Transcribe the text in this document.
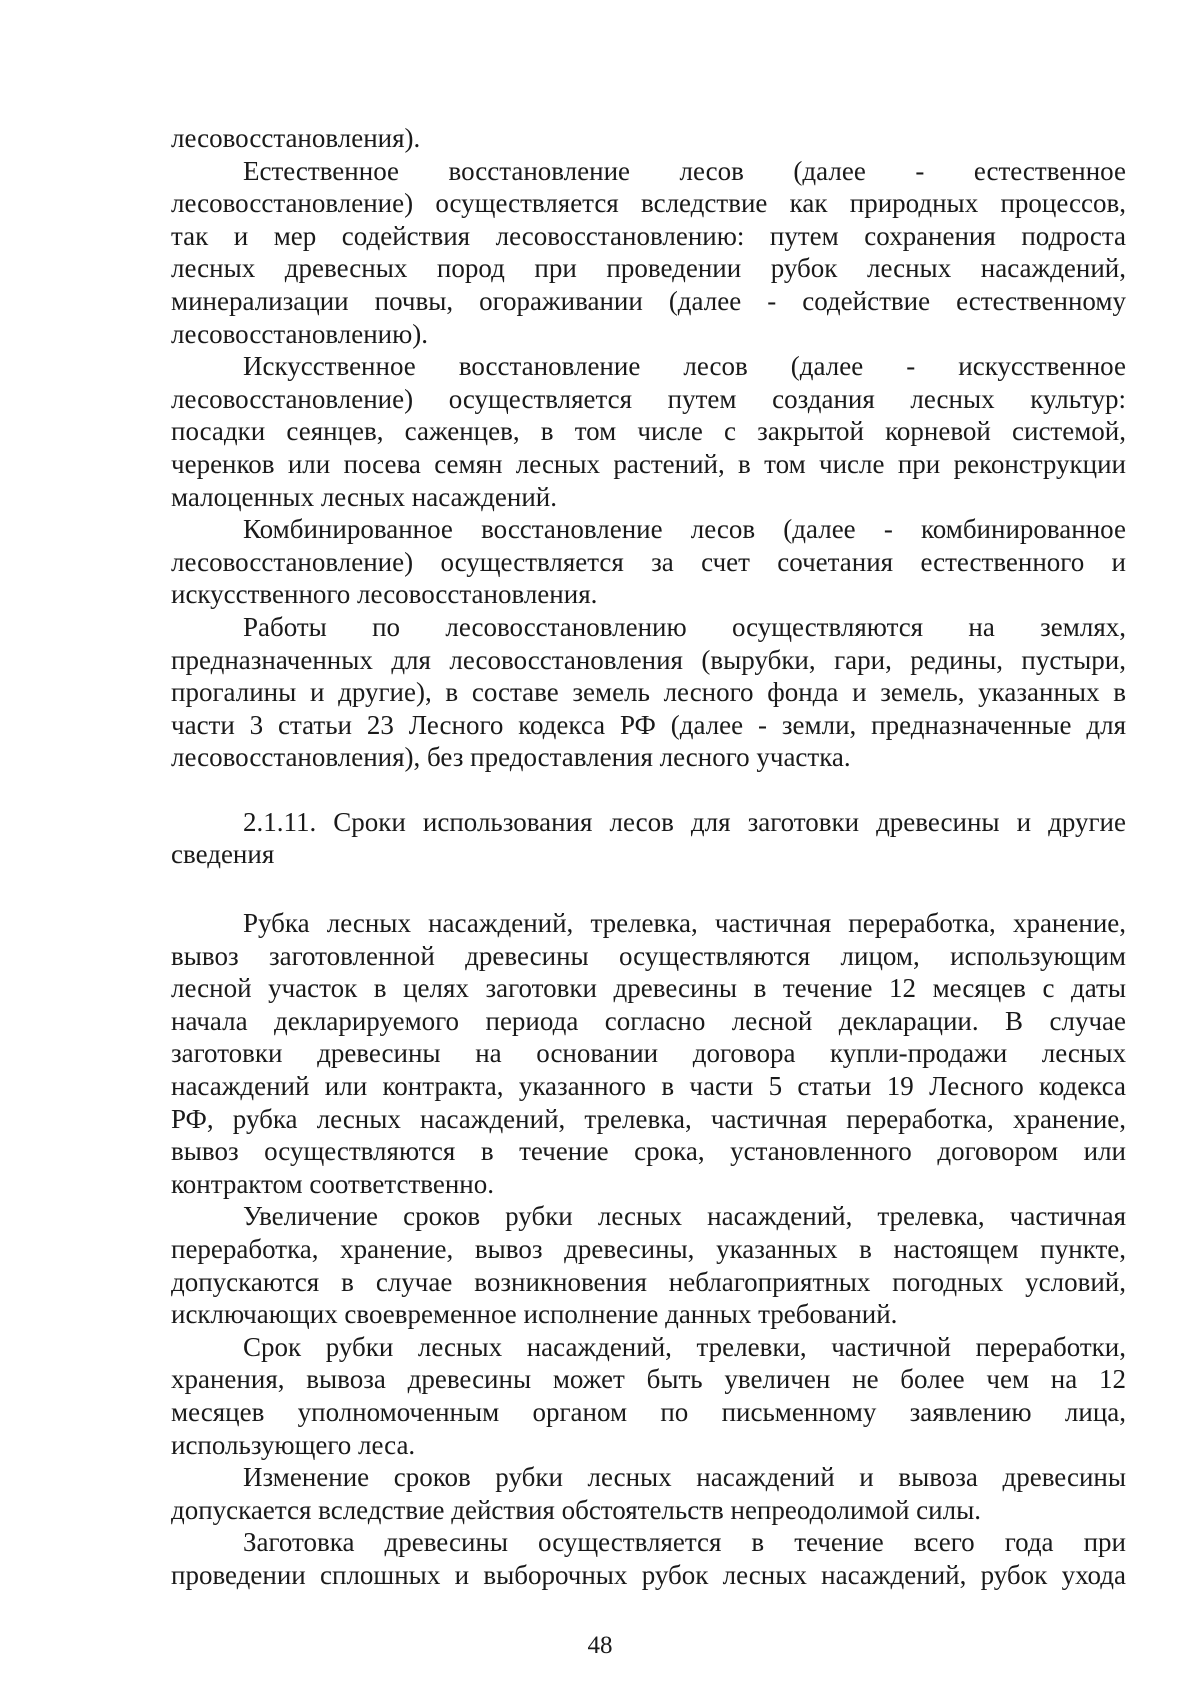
лесовосстановления).
Естественное восстановление лесов (далее - естественное
лесовосстановление) осуществляется вследствие как природных процессов,
так и мер содействия лесовосстановлению: путем сохранения подроста
лесных древесных пород при проведении рубок лесных насаждений,
минерализации почвы, огораживании (далее - содействие естественному
лесовосстановлению).
Искусственное восстановление лесов (далее - искусственное
лесовосстановление) осуществляется путем создания лесных культур:
посадки сеянцев, саженцев, в том числе с закрытой корневой системой,
черенков или посева семян лесных растений, в том числе при реконструкции
малоценных лесных насаждений.
Комбинированное восстановление лесов (далее - комбинированное
лесовосстановление) осуществляется за счет сочетания естественного и
искусственного лесовосстановления.
Работы по лесовосстановлению осуществляются на землях,
предназначенных для лесовосстановления (вырубки, гари, редины, пустыри,
прогалины и другие), в составе земель лесного фонда и земель, указанных в
части 3 статьи 23 Лесного кодекса РФ (далее - земли, предназначенные для
лесовосстановления), без предоставления лесного участка.
2.1.11. Сроки использования лесов для заготовки древесины и другие
сведения
Рубка лесных насаждений, трелевка, частичная переработка, хранение,
вывоз заготовленной древесины осуществляются лицом, использующим
лесной участок в целях заготовки древесины в течение 12 месяцев с даты
начала декларируемого периода согласно лесной декларации. В случае
заготовки древесины на основании договора купли-продажи лесных
насаждений или контракта, указанного в части 5 статьи 19 Лесного кодекса
РФ, рубка лесных насаждений, трелевка, частичная переработка, хранение,
вывоз осуществляются в течение срока, установленного договором или
контрактом соответственно.
Увеличение сроков рубки лесных насаждений, трелевка, частичная
переработка, хранение, вывоз древесины, указанных в настоящем пункте,
допускаются в случае возникновения неблагоприятных погодных условий,
исключающих своевременное исполнение данных требований.
Срок рубки лесных насаждений, трелевки, частичной переработки,
хранения, вывоза древесины может быть увеличен не более чем на 12
месяцев уполномоченным органом по письменному заявлению лица,
использующего леса.
Изменение сроков рубки лесных насаждений и вывоза древесины
допускается вследствие действия обстоятельств непреодолимой силы.
Заготовка древесины осуществляется в течение всего года при
проведении сплошных и выборочных рубок лесных насаждений, рубок ухода
48
